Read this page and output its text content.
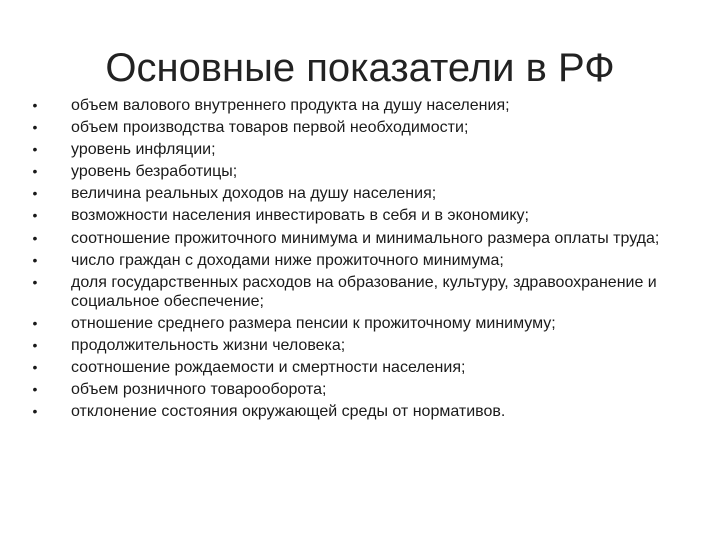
Основные показатели в РФ
• объем валового внутреннего продукта на душу населения;
• объем производства товаров первой необходимости;
• уровень инфляции;
• уровень безработицы;
• величина реальных доходов на душу населения;
• возможности населения инвестировать в себя и в экономику;
• соотношение прожиточного минимума и минимального размера оплаты труда;
• число граждан с доходами ниже прожиточного минимума;
• доля государственных расходов на образование, культуру, здравоохранение и социальное обеспечение;
• отношение среднего размера пенсии к прожиточному минимуму;
• продолжительность жизни человека;
• соотношение рождаемости и смертности населения;
• объем розничного товарооборота;
• отклонение состояния окружающей среды от нормативов.
